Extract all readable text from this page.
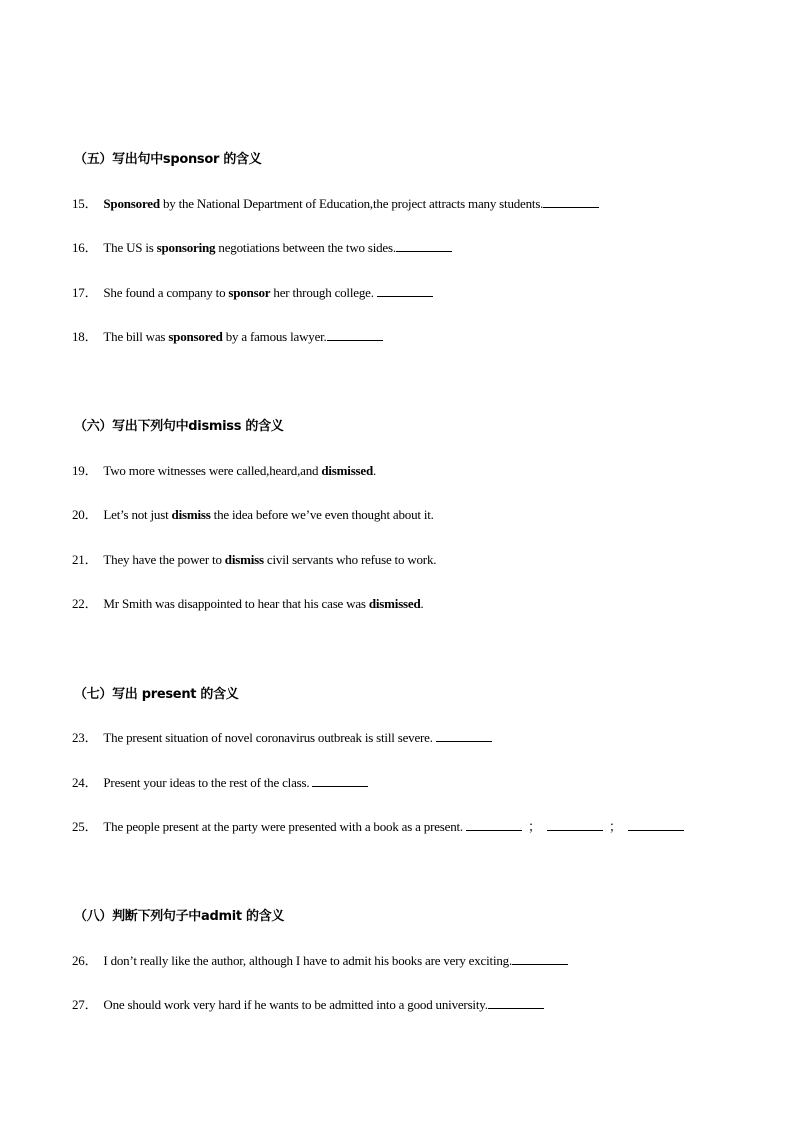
（五）写出句中sponsor 的含义
15． Sponsored by the National Department of Education,the project attracts many students.
16． The US is sponsoring negotiations between the two sides.
17． She found a company to sponsor her through college.
18． The bill was sponsored by a famous lawyer.
（六）写出下列句中dismiss 的含义
19． Two more witnesses were called,heard,and dismissed.
20． Let’s not just dismiss the idea before we’ve even thought about it.
21． They have the power to dismiss civil servants who refuse to work.
22． Mr Smith was disappointed to hear that his case was dismissed.
（七）写出 present 的含义
23． The present situation of novel coronavirus outbreak is still severe.
24． Present your ideas to the rest of the class.
25． The people present at the party were presented with a book as a present.	；	；
（八）判断下列句子中admit 的含义
26． I don’t really like the author, although I have to admit his books are very exciting.
27． One should work very hard if he wants to be admitted into a good university.
